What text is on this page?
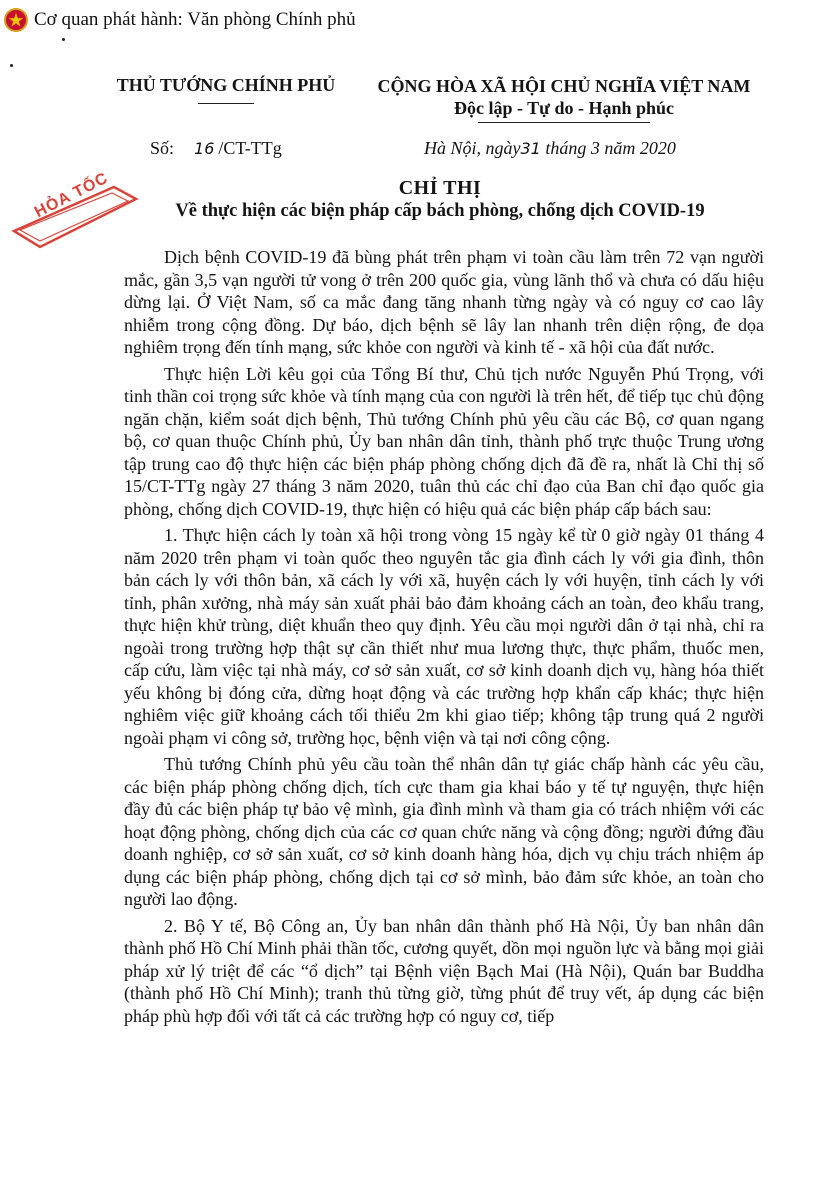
Cơ quan phát hành: Văn phòng Chính phủ
THỦ TƯỚNG CHÍNH PHỦ	CỘNG HÒA XÃ HỘI CHỦ NGHĨA VIỆT NAM
Độc lập - Tự do - Hạnh phúc
Số: 16 /CT-TTg	Hà Nội, ngày31 tháng 3 năm 2020
HỎA TỐC	CHỈ THỊ
Về thực hiện các biện pháp cấp bách phòng, chống dịch COVID-19

Dịch bệnh COVID-19 đã bùng phát trên phạm vi toàn cầu làm trên 72 vạn người mắc, gần 3,5 vạn người tử vong ở trên 200 quốc gia, vùng lãnh thổ và chưa có dấu hiệu dừng lại. Ở Việt Nam, số ca mắc đang tăng nhanh từng ngày và có nguy cơ cao lây nhiễm trong cộng đồng. Dự báo, dịch bệnh sẽ lây lan nhanh trên diện rộng, đe dọa nghiêm trọng đến tính mạng, sức khỏe con người và kinh tế - xã hội của đất nước.

Thực hiện Lời kêu gọi của Tổng Bí thư, Chủ tịch nước Nguyễn Phú Trọng, với tinh thần coi trọng sức khỏe và tính mạng của con người là trên hết, để tiếp tục chủ động ngăn chặn, kiểm soát dịch bệnh, Thủ tướng Chính phủ yêu cầu các Bộ, cơ quan ngang bộ, cơ quan thuộc Chính phủ, Ủy ban nhân dân tỉnh, thành phố trực thuộc Trung ương tập trung cao độ thực hiện các biện pháp phòng chống dịch đã đề ra, nhất là Chỉ thị số 15/CT-TTg ngày 27 tháng 3 năm 2020, tuân thủ các chỉ đạo của Ban chỉ đạo quốc gia phòng, chống dịch COVID-19, thực hiện có hiệu quả các biện pháp cấp bách sau:

1. Thực hiện cách ly toàn xã hội trong vòng 15 ngày kể từ 0 giờ ngày 01 tháng 4 năm 2020 trên phạm vi toàn quốc theo nguyên tắc gia đình cách ly với gia đình, thôn bản cách ly với thôn bản, xã cách ly với xã, huyện cách ly với huyện, tỉnh cách ly với tỉnh, phân xưởng, nhà máy sản xuất phải bảo đảm khoảng cách an toàn, đeo khẩu trang, thực hiện khử trùng, diệt khuẩn theo quy định. Yêu cầu mọi người dân ở tại nhà, chỉ ra ngoài trong trường hợp thật sự cần thiết như mua lương thực, thực phẩm, thuốc men, cấp cứu, làm việc tại nhà máy, cơ sở sản xuất, cơ sở kinh doanh dịch vụ, hàng hóa thiết yếu không bị đóng cửa, dừng hoạt động và các trường hợp khẩn cấp khác; thực hiện nghiêm việc giữ khoảng cách tối thiểu 2m khi giao tiếp; không tập trung quá 2 người ngoài phạm vi công sở, trường học, bệnh viện và tại nơi công cộng.

Thủ tướng Chính phủ yêu cầu toàn thể nhân dân tự giác chấp hành các yêu cầu, các biện pháp phòng chống dịch, tích cực tham gia khai báo y tế tự nguyện, thực hiện đầy đủ các biện pháp tự bảo vệ mình, gia đình mình và tham gia có trách nhiệm với các hoạt động phòng, chống dịch của các cơ quan chức năng và cộng đồng; người đứng đầu doanh nghiệp, cơ sở sản xuất, cơ sở kinh doanh hàng hóa, dịch vụ chịu trách nhiệm áp dụng các biện pháp phòng, chống dịch tại cơ sở mình, bảo đảm sức khỏe, an toàn cho người lao động.

2. Bộ Y tế, Bộ Công an, Ủy ban nhân dân thành phố Hà Nội, Ủy ban nhân dân thành phố Hồ Chí Minh phải thần tốc, cương quyết, dồn mọi nguồn lực và bằng mọi giải pháp xử lý triệt để các “ổ dịch” tại Bệnh viện Bạch Mai (Hà Nội), Quán bar Buddha (thành phố Hồ Chí Minh); tranh thủ từng giờ, từng phút để truy vết, áp dụng các biện pháp phù hợp đối với tất cả các trường hợp có nguy cơ, tiếp
